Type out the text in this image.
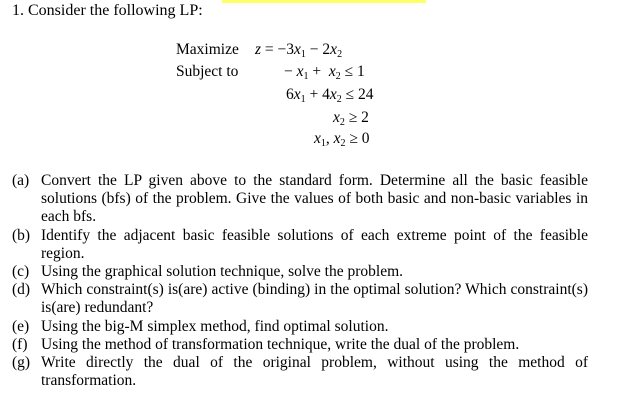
1. Consider the following LP:
Maximize
Subject to
$z = -3x_1 - 2x_2$
− $x_1 + x_2 \le 1$
$6x_1 + 4x_2 \le 24$
$x_2 \ge 2$
$x_1$, $x_2 \ge 0$
(a) Convert the LP given above to the standard form. Determine all the basic feasible solutions (bfs) of the problem. Give the values of both basic and non-basic variables in each bfs.
(b) Identify the adjacent basic feasible solutions of each extreme point of the feasible region.
(c) Using the graphical solution technique, solve the problem.
(d) Which constraint(s) is(are) active (binding) in the optimal solution? Which constraint(s) is(are) redundant?
(e) Using the big-M simplex method, find optimal solution.
(f) Using the method of transformation technique, write the dual of the problem.
(g) Write directly the dual of the original problem, without using the method of transformation.
